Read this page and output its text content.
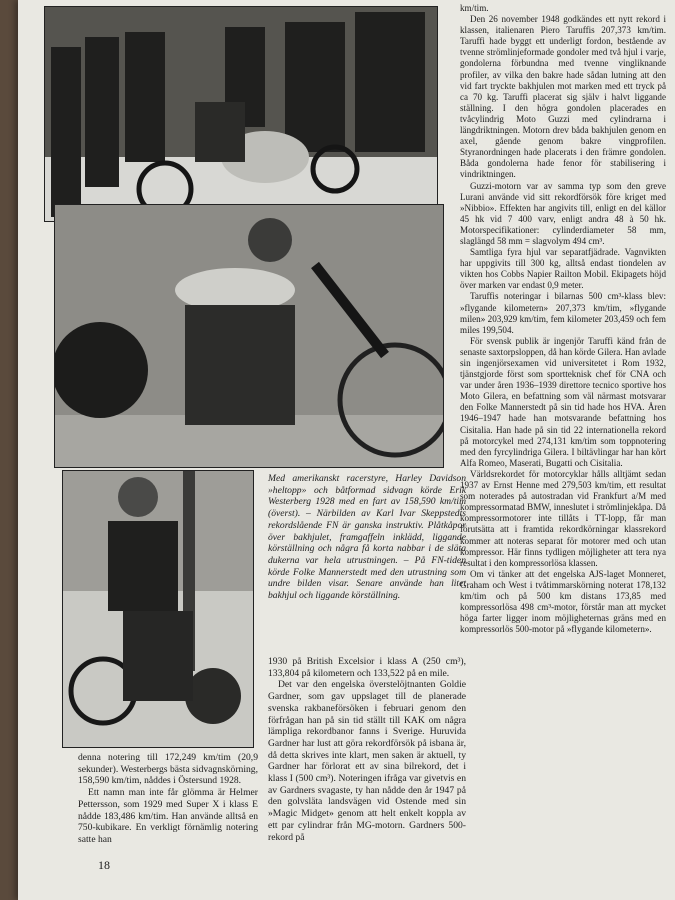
Med amerikanskt racerstyre, Harley Davidson »heltopp» och båtformad sidvagn körde Erik Westerberg 1928 med en fart av 158,590 km/tim (överst). – Närbilden av Karl Ivar Skeppstedts rekordslående FN är ganska instruktiv. Plåtkåpor över bakhjulet, framgaffeln inklädd, liggande körställning och några få korta nabbar i de släta dukerna var hela utrustningen. – På FN-tiden körde Folke Mannerstedt med den utrustning som undre bilden visar. Senare använde han litet bakhjul och liggande körställning.

1930 på British Excelsior i klass A (250 cm³), 133,804 på kilometern och 133,522 på en mile.

Det var den engelska överstelöjtnanten Goldie Gardner, som gav uppslaget till de planerade svenska rakbaneförsöken i februari genom den förfrågan han på sin tid ställt till KAK om några lämpliga rekordbanor fanns i Sverige. Huruvida Gardner har lust att göra rekordförsök på isbana är, då detta skrives inte klart, men saken är aktuell, ty Gardner har förlorat ett av sina bilrekord, det i klass I (500 cm³). Noteringen ifråga var givetvis en av Gardners svagaste, ty han nådde den år 1947 på den golvslätа landsvägen vid Ostende med sin »Magic Midget» genom att helt enkelt koppla av ett par cylindrar från MG-motorn. Gardners 500-rekord på

denna notering till 172,249 km/tim (20,9 sekunder). Westerbergs bästa sidvagnskörning, 158,590 km/tim, nåddes i Östersund 1928.

Ett namn man inte får glömma är Helmer Pettersson, som 1929 med Super X i klass E nådde 183,486 km/tim. Han använde alltså en 750-kubikare. En verkligt förnämlig notering satte han

km/tim.

Den 26 november 1948 godkändes ett nytt rekord i klassen, italienaren Piero Taruffis 207,373 km/tim. Taruffi hade byggt ett underligt fordon, bestående av tvenne strömlinjeformade gondoler med två hjul i varje, gondolerna förbundna med tvenne vingliknande profiler, av vilka den bakre hade sådan lutning att den vid fart tryckte bakhjulen mot marken med ett tryck på ca 70 kg. Taruffi placerat sig själv i halvt liggande ställning. I den högra gondolen placerades en tvåcylindrig Moto Guzzi med cylindrarna i längdriktningen. Motorn drev båda bakhjulen genom en axel, gående genom bakre vingprofilen. Styranordningen hade placerats i den främre gondolen. Båda gondolerna hade fenor för stabilisering i vindriktningen.

Guzzi-motorn var av samma typ som den greve Lurani använde vid sitt rekordförsök före kriget med »Nibbio». Effekten har angivits till, enligt en del källor 45 hk vid 7 400 varv, enligt andra 48 à 50 hk. Motorspecifikationer: cylinderdiameter 58 mm, slaglängd 58 mm = slagvolym 494 cm³.

Samtliga fyra hjul var separatfjädrade. Vagnvikten har uppgivits till 300 kg, alltså endast tiondelen av vikten hos Cobbs Napier Railton Mobil. Ekipagets höjd över marken var endast 0,9 meter.

Taruffis noteringar i bilarnas 500 cm³-klass blev: »flygande kilometern» 207,373 km/tim, »flygande milen» 203,929 km/tim, fem kilometer 203,459 och fem miles 199,504.

För svensk publik är ingenjör Taruffi känd från de senaste saxtorpsloppen, då han körde Gilera. Han avlade sin ingenjörsexamen vid universitetet i Rom 1932, tjänstgjorde först som sportteknisk chef för CNA och var under åren 1936–1939 direttore tecnico sportive hos Moto Gilera, en befattning som väl närmast motsvarar den Folke Mannerstedt på sin tid hade hos HVA. Åren 1946–1947 hade han motsvarande befattning hos Cisitalia. Han hade på sin tid 22 internationella rekord på motorcykel med 274,131 km/tim som toppnotering med den fyrcylindriga Gilera. I biltävlingar har han kört Alfa Romeo, Maserati, Bugatti och Cisitalia.

Världsrekordet för motorcyklar hålls alltjämt sedan 1937 av Ernst Henne med 279,503 km/tim, ett resultat som noterades på autostradan vid Frankfurt a/M med kompressormatad BMW, inneslutet i strömlinjekåpa. Då kompressormotorer inte tillåts i TT-lopp, får man förutsätta att i framtida rekordkörningar klassrekord kommer att noteras separat för motorer med och utan kompressor. Här finns tydligen möjligheter att tera nya resultat i den kompressorlösa klassen.

Om vi tänker att det engelska AJS-laget Monneret, Graham och West i tvåtimmarskörning noterat 178,132 km/tim och på 500 km distans 173,85 med kompressorlösa 498 cm³-motor, förstår man att mycket höga farter ligger inom möjligheternas gräns med en kompressorlös 500-motor på »flygande kilometern».

18
